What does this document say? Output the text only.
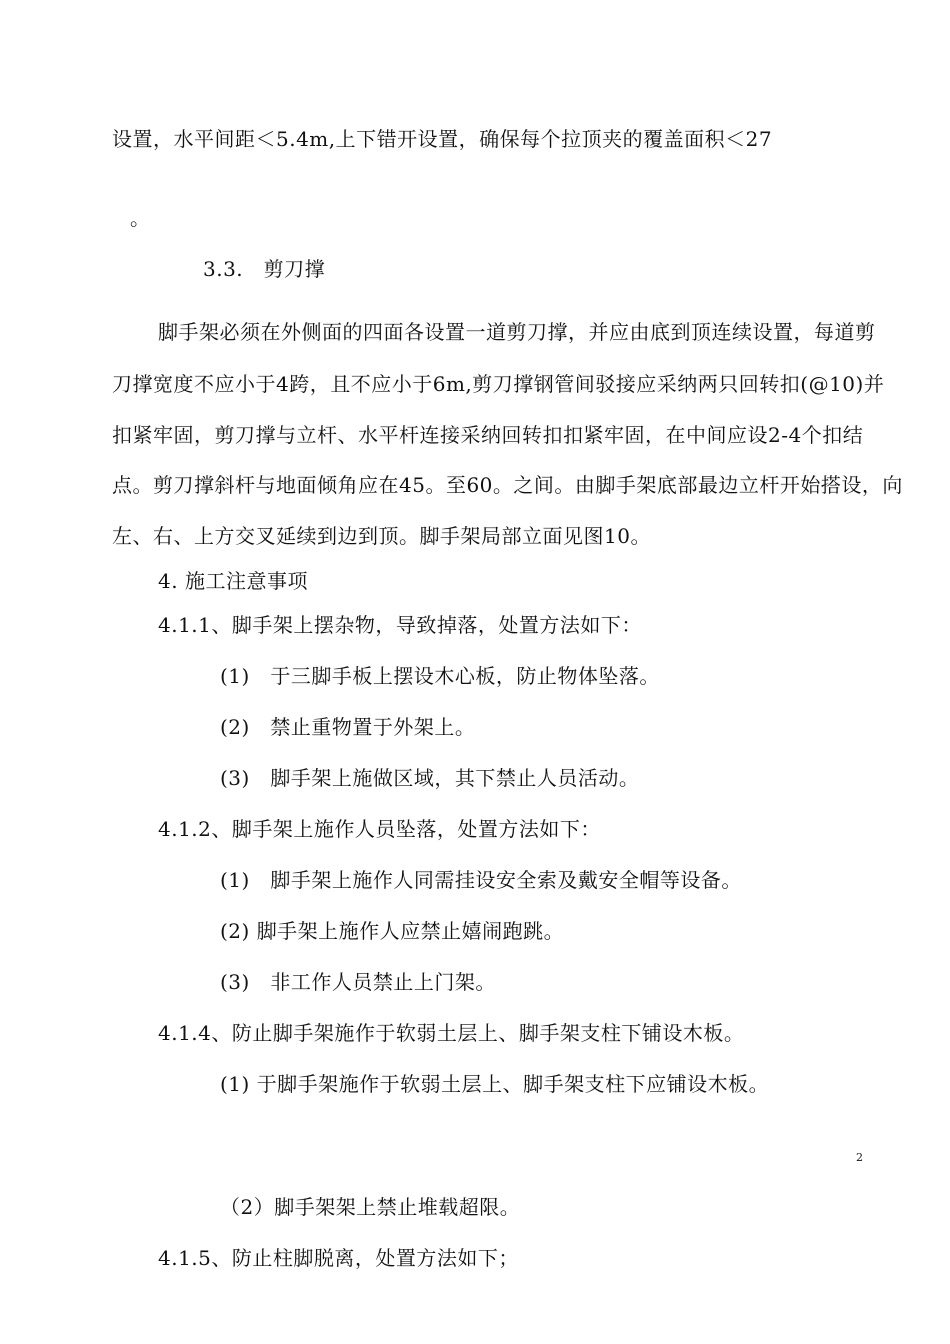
设置，水平间距＜5.4m,上下错开设置，确保每个拉顶夹的覆盖面积＜27
。
3.3.　剪刀撑
脚手架必须在外侧面的四面各设置一道剪刀撑，并应由底到顶连续设置，每道剪
刀撑宽度不应小于4跨，且不应小于6m,剪刀撑钢管间驳接应采纳两只回转扣(@10)并
扣紧牢固，剪刀撑与立杆、水平杆连接采纳回转扣扣紧牢固，在中间应设2-4个扣结
点。剪刀撑斜杆与地面倾角应在45。至60。之间。由脚手架底部最边立杆开始搭设，向
左、右、上方交叉延续到边到顶。脚手架局部立面见图10。
4. 施工注意事项
4.1.1、脚手架上摆杂物，导致掉落，处置方法如下：
(1)　于三脚手板上摆设木心板，防止物体坠落。
(2)　禁止重物置于外架上。
(3)　脚手架上施做区域，其下禁止人员活动。
4.1.2、脚手架上施作人员坠落，处置方法如下：
(1)　脚手架上施作人同需挂设安全索及戴安全帽等设备。
(2) 脚手架上施作人应禁止嬉闹跑跳。
(3)　非工作人员禁止上门架。
4.1.4、防止脚手架施作于软弱土层上、脚手架支柱下铺设木板。
(1) 于脚手架施作于软弱土层上、脚手架支柱下应铺设木板。
2
（2）脚手架架上禁止堆载超限。
4.1.5、防止柱脚脱离，处置方法如下；
